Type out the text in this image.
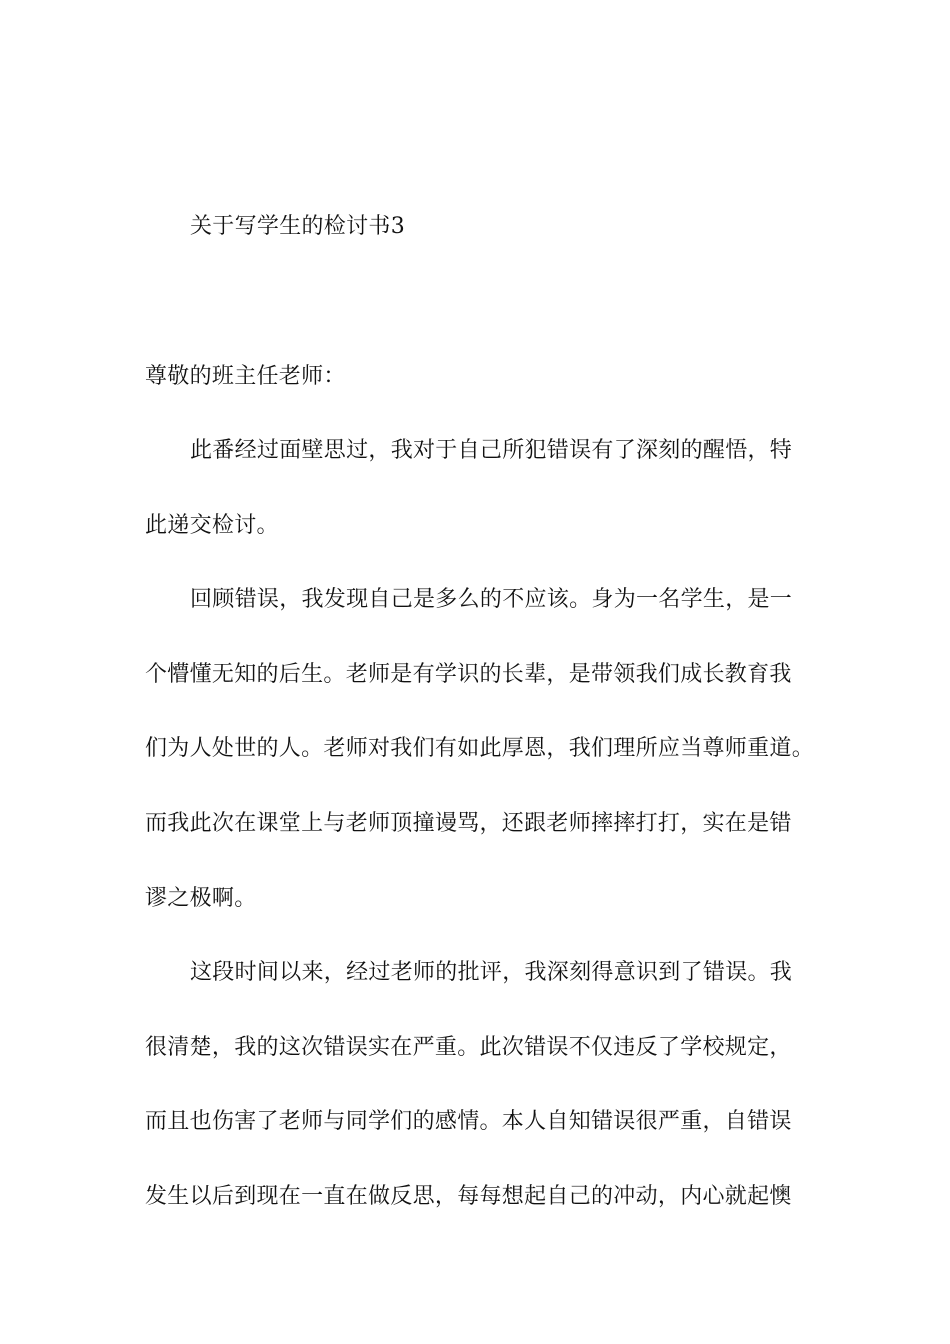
关于写学生的检讨书3
尊敬的班主任老师：
此番经过面壁思过，我对于自己所犯错误有了深刻的醒悟，特
此递交检讨。
回顾错误，我发现自己是多么的不应该。身为一名学生，是一
个懵懂无知的后生。老师是有学识的长辈，是带领我们成长教育我
们为人处世的人。老师对我们有如此厚恩，我们理所应当尊师重道。
而我此次在课堂上与老师顶撞谩骂，还跟老师摔摔打打，实在是错
谬之极啊。
这段时间以来，经过老师的批评，我深刻得意识到了错误。我
很清楚，我的这次错误实在严重。此次错误不仅违反了学校规定，
而且也伤害了老师与同学们的感情。本人自知错误很严重，自错误
发生以后到现在一直在做反思，每每想起自己的冲动，内心就起懊
